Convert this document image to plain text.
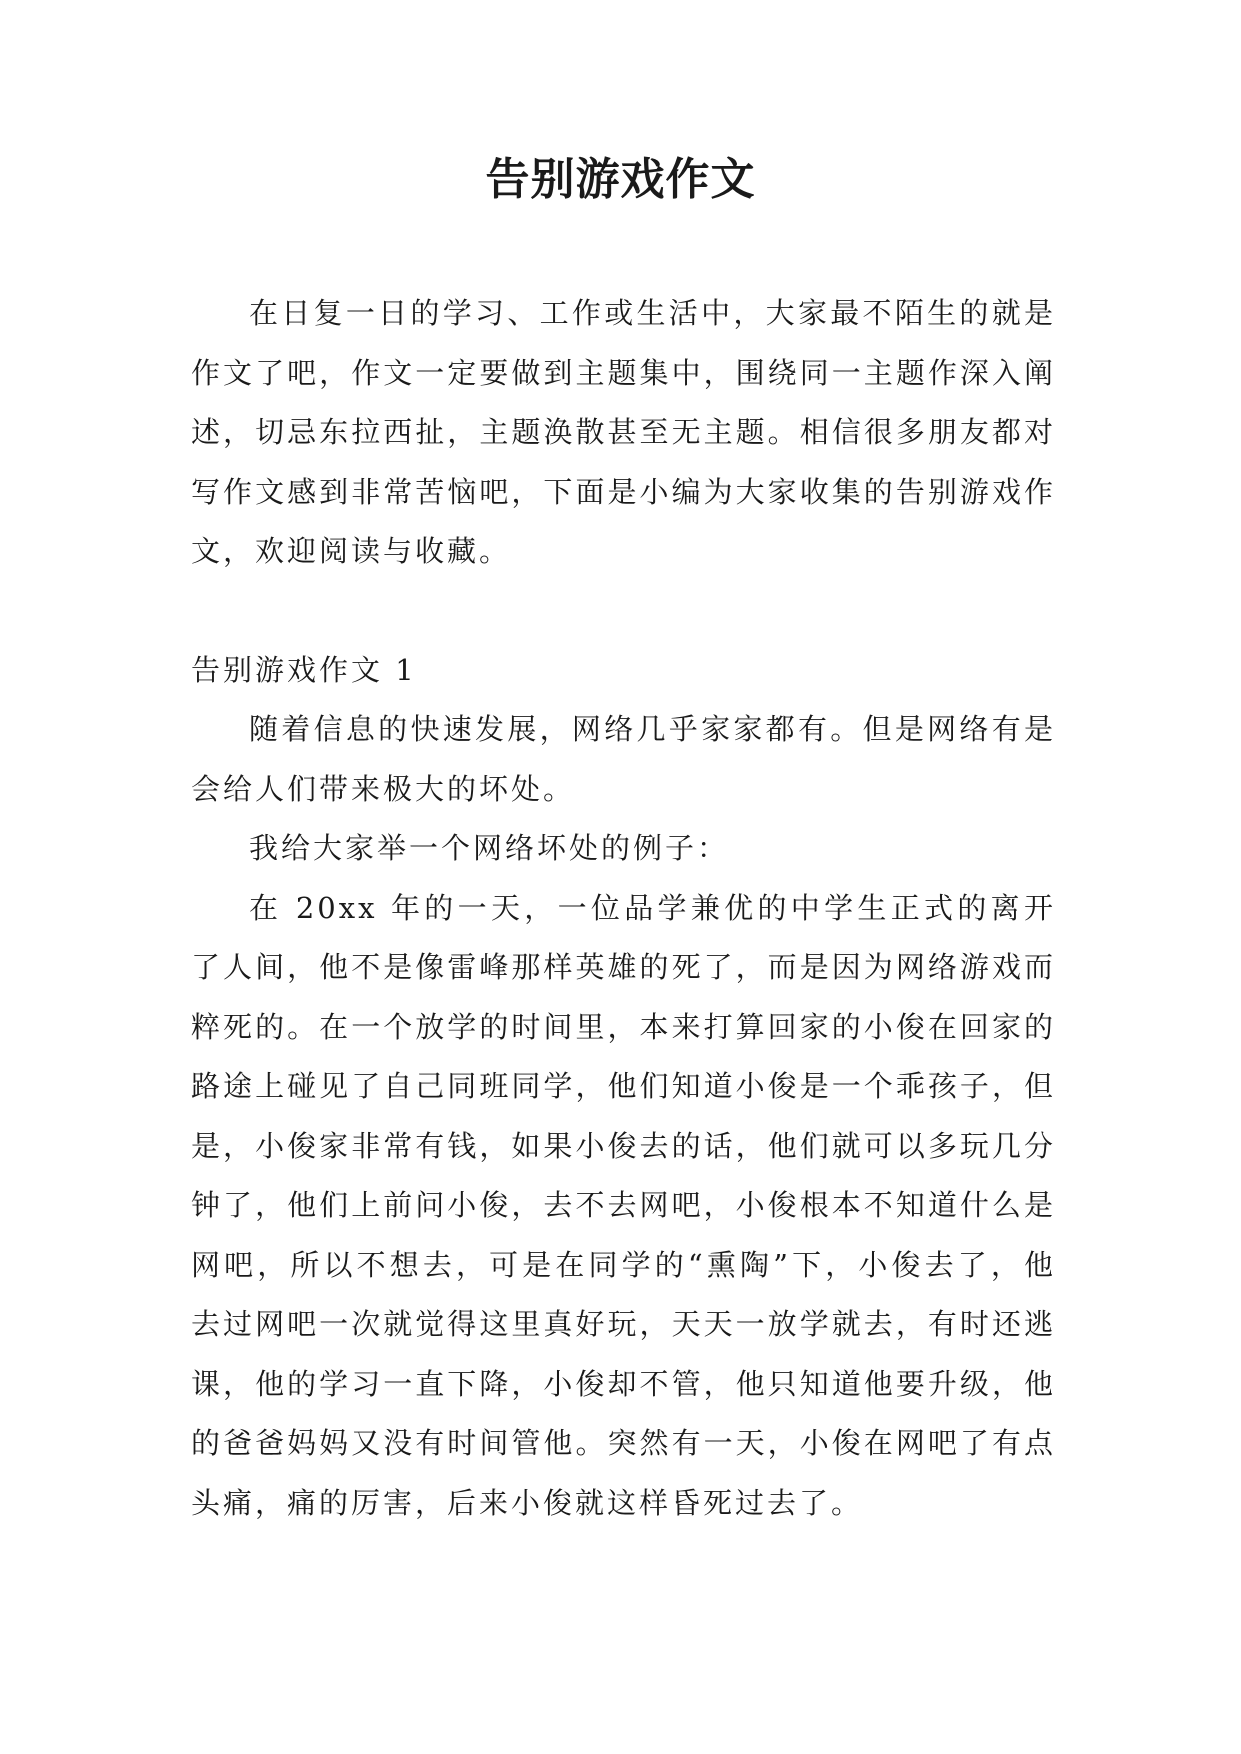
告别游戏作文

在日复一日的学习、工作或生活中，大家最不陌生的就是作文了吧，作文一定要做到主题集中，围绕同一主题作深入阐述，切忌东拉西扯，主题涣散甚至无主题。相信很多朋友都对写作文感到非常苦恼吧，下面是小编为大家收集的告别游戏作文，欢迎阅读与收藏。

告别游戏作文 1

随着信息的快速发展，网络几乎家家都有。但是网络有是会给人们带来极大的坏处。

我给大家举一个网络坏处的例子：

在 20xx 年的一天，一位品学兼优的中学生正式的离开了人间，他不是像雷峰那样英雄的死了，而是因为网络游戏而粹死的。在一个放学的时间里，本来打算回家的小俊在回家的路途上碰见了自己同班同学，他们知道小俊是一个乖孩子，但是，小俊家非常有钱，如果小俊去的话，他们就可以多玩几分钟了，他们上前问小俊，去不去网吧，小俊根本不知道什么是网吧，所以不想去，可是在同学的“熏陶”下，小俊去了，他去过网吧一次就觉得这里真好玩，天天一放学就去，有时还逃课，他的学习一直下降，小俊却不管，他只知道他要升级，他的爸爸妈妈又没有时间管他。突然有一天，小俊在网吧了有点头痛，痛的厉害，后来小俊就这样昏死过去了。
